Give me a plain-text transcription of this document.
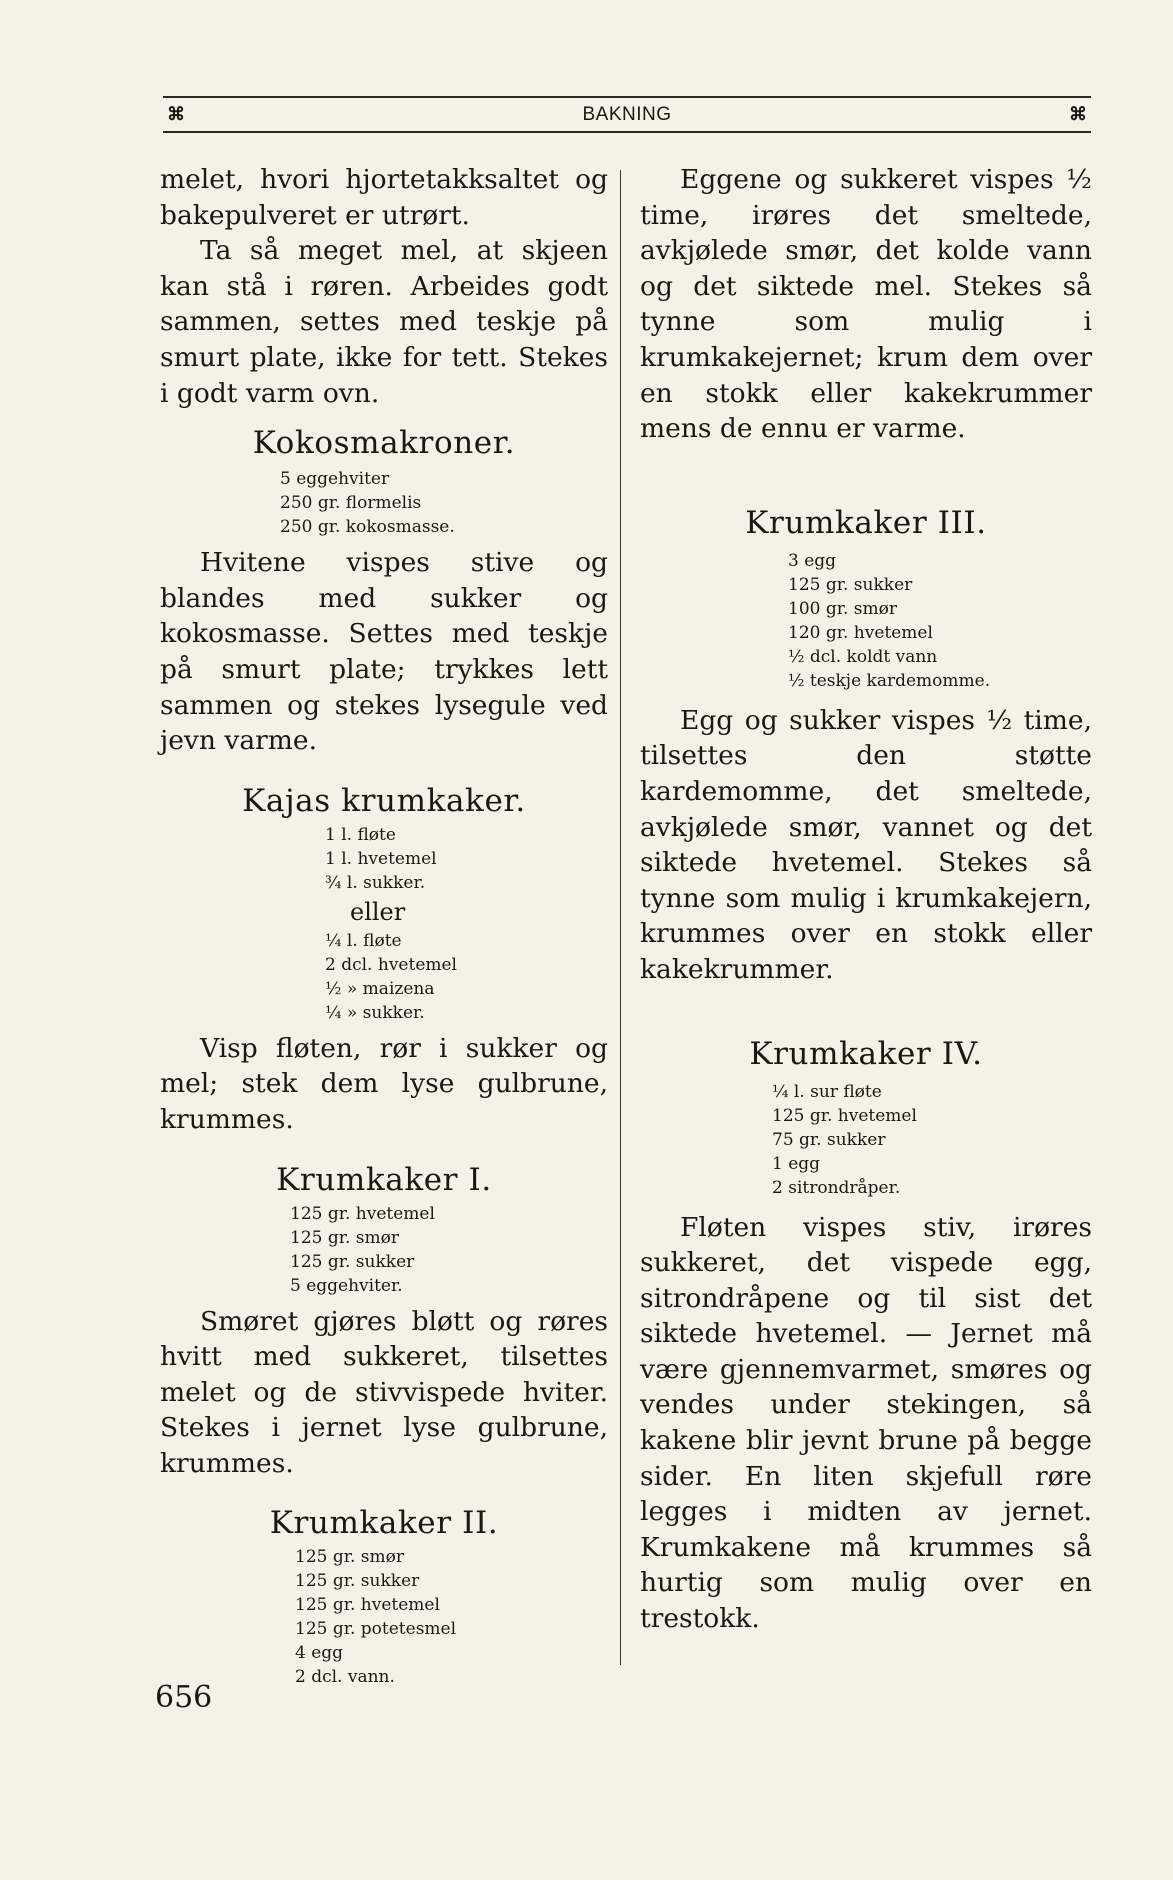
⌘	BAKNING	⌘

melet, hvori hjortetakksaltet og bakepulveret er utrørt.

Ta så meget mel, at skjeen kan stå i røren. Arbeides godt sammen, settes med teskje på smurt plate, ikke for tett. Stekes i godt varm ovn.

Kokosmakroner.
5 eggehviter
250 gr. flormelis
250 gr. kokosmasse.

Hvitene vispes stive og blandes med sukker og kokosmasse. Settes med teskje på smurt plate; trykkes lett sammen og stekes lysegule ved jevn varme.

Kajas krumkaker.
1 l. fløte
1 l. hvetemel
¾ l. sukker.
eller
¼ l. fløte
2 dcl. hvetemel
½ » maizena
¼ » sukker.

Visp fløten, rør i sukker og mel; stek dem lyse gulbrune, krummes.

Krumkaker I.
125 gr. hvetemel
125 gr. smør
125 gr. sukker
5 eggehviter.

Smøret gjøres bløtt og røres hvitt med sukkeret, tilsettes melet og de stivvispede hviter. Stekes i jernet lyse gulbrune, krummes.

Krumkaker II.
125 gr. smør
125 gr. sukker
125 gr. hvetemel
125 gr. potetesmel
4 egg
2 dcl. vann.

Eggene og sukkeret vispes ½ time, irøres det smeltede, avkjølede smør, det kolde vann og det siktede mel. Stekes så tynne som mulig i krumkakejernet; krum dem over en stokk eller kakekrummer mens de ennu er varme.

Krumkaker III.
3 egg
125 gr. sukker
100 gr. smør
120 gr. hvetemel
½ dcl. koldt vann
½ teskje kardemomme.

Egg og sukker vispes ½ time, tilsettes den støtte kardemomme, det smeltede, avkjølede smør, vannet og det siktede hvetemel. Stekes så tynne som mulig i krumkakejern, krummes over en stokk eller kakekrummer.

Krumkaker IV.
¼ l. sur fløte
125 gr. hvetemel
75 gr. sukker
1 egg
2 sitrondråper.

Fløten vispes stiv, irøres sukkeret, det vispede egg, sitrondråpene og til sist det siktede hvetemel. — Jernet må være gjennemvarmet, smøres og vendes under stekingen, så kakene blir jevnt brune på begge sider. En liten skjefull røre legges i midten av jernet. Krumkakene må krummes så hurtig som mulig over en trestokk.

656
